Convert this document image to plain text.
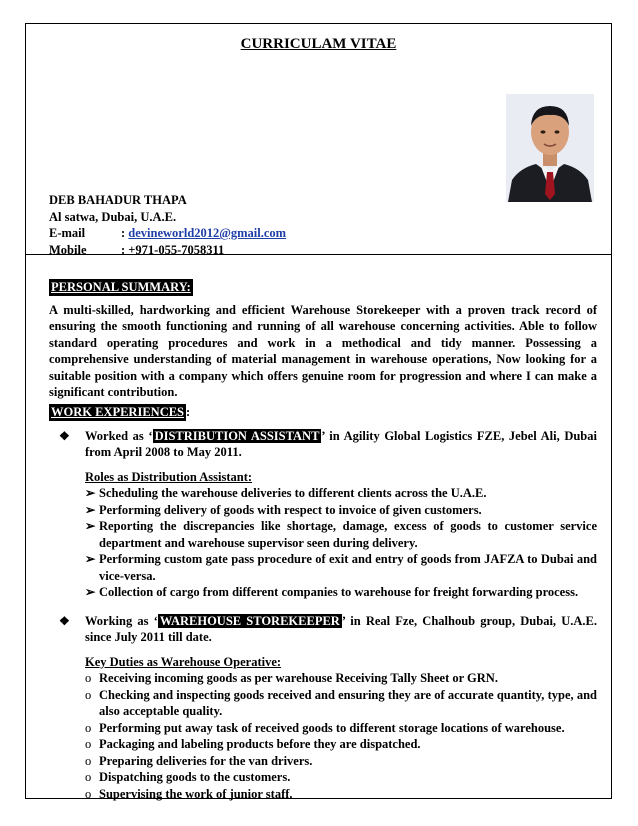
CURRICULAM VITAE
DEB BAHADUR THAPA
Al satwa, Dubai, U.A.E.
E-mail	: devineworld2012@gmail.com
Mobile	: +971-055-7058311
PERSONAL SUMMARY:
A multi-skilled, hardworking and efficient Warehouse Storekeeper with a proven track record of ensuring the smooth functioning and running of all warehouse concerning activities. Able to follow standard operating procedures and work in a methodical and tidy manner. Possessing a comprehensive understanding of material management in warehouse operations, Now looking for a suitable position with a company which offers genuine room for progression and where I can make a significant contribution.
WORK EXPERIENCES :
❖ Worked as ‘ DISTRIBUTION ASSISTANT ’ in Agility Global Logistics FZE, Jebel Ali, Dubai from April 2008 to May 2011.
Roles as Distribution Assistant:
➢ Scheduling the warehouse deliveries to different clients across the U.A.E.
➢ Performing delivery of goods with respect to invoice of given customers.
➢ Reporting the discrepancies like shortage, damage, excess of goods to customer service department and warehouse supervisor seen during delivery.
➢ Performing custom gate pass procedure of exit and entry of goods from JAFZA to Dubai and vice-versa.
➢ Collection of cargo from different companies to warehouse for freight forwarding process.
❖ Working as ‘ WAREHOUSE STOREKEEPER ’ in Real Fze, Chalhoub group, Dubai, U.A.E. since July 2011 till date.
Key Duties as Warehouse Operative:
o Receiving incoming goods as per warehouse Receiving Tally Sheet or GRN.
o Checking and inspecting goods received and ensuring they are of accurate quantity, type, and also acceptable quality.
o Performing put away task of received goods to different storage locations of warehouse.
o Packaging and labeling products before they are dispatched.
o Preparing deliveries for the van drivers.
o Dispatching goods to the customers.
o Supervising the work of junior staff.
